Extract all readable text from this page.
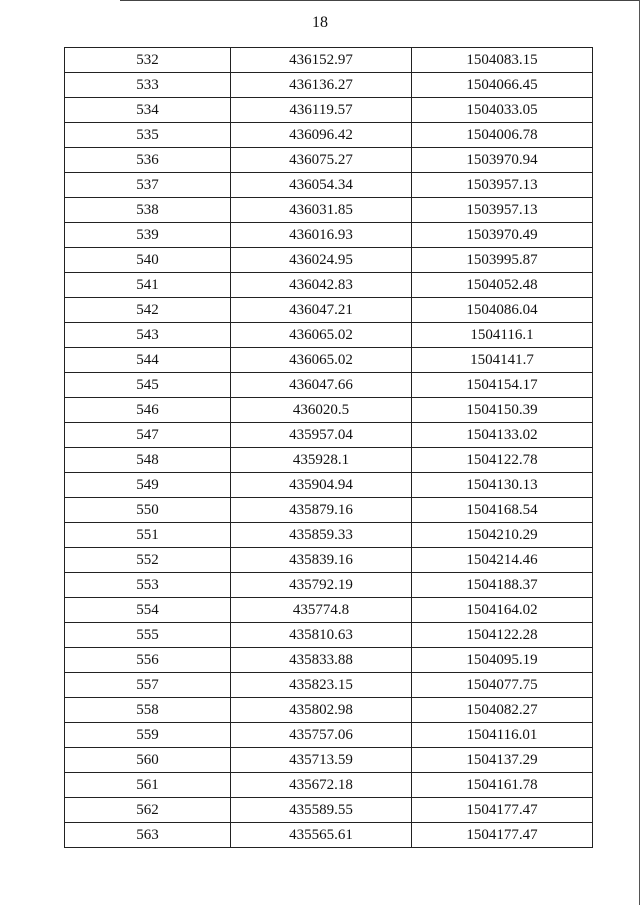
18
532	436152.97	1504083.15
533	436136.27	1504066.45
534	436119.57	1504033.05
535	436096.42	1504006.78
536	436075.27	1503970.94
537	436054.34	1503957.13
538	436031.85	1503957.13
539	436016.93	1503970.49
540	436024.95	1503995.87
541	436042.83	1504052.48
542	436047.21	1504086.04
543	436065.02	1504116.1
544	436065.02	1504141.7
545	436047.66	1504154.17
546	436020.5	1504150.39
547	435957.04	1504133.02
548	435928.1	1504122.78
549	435904.94	1504130.13
550	435879.16	1504168.54
551	435859.33	1504210.29
552	435839.16	1504214.46
553	435792.19	1504188.37
554	435774.8	1504164.02
555	435810.63	1504122.28
556	435833.88	1504095.19
557	435823.15	1504077.75
558	435802.98	1504082.27
559	435757.06	1504116.01
560	435713.59	1504137.29
561	435672.18	1504161.78
562	435589.55	1504177.47
563	435565.61	1504177.47
